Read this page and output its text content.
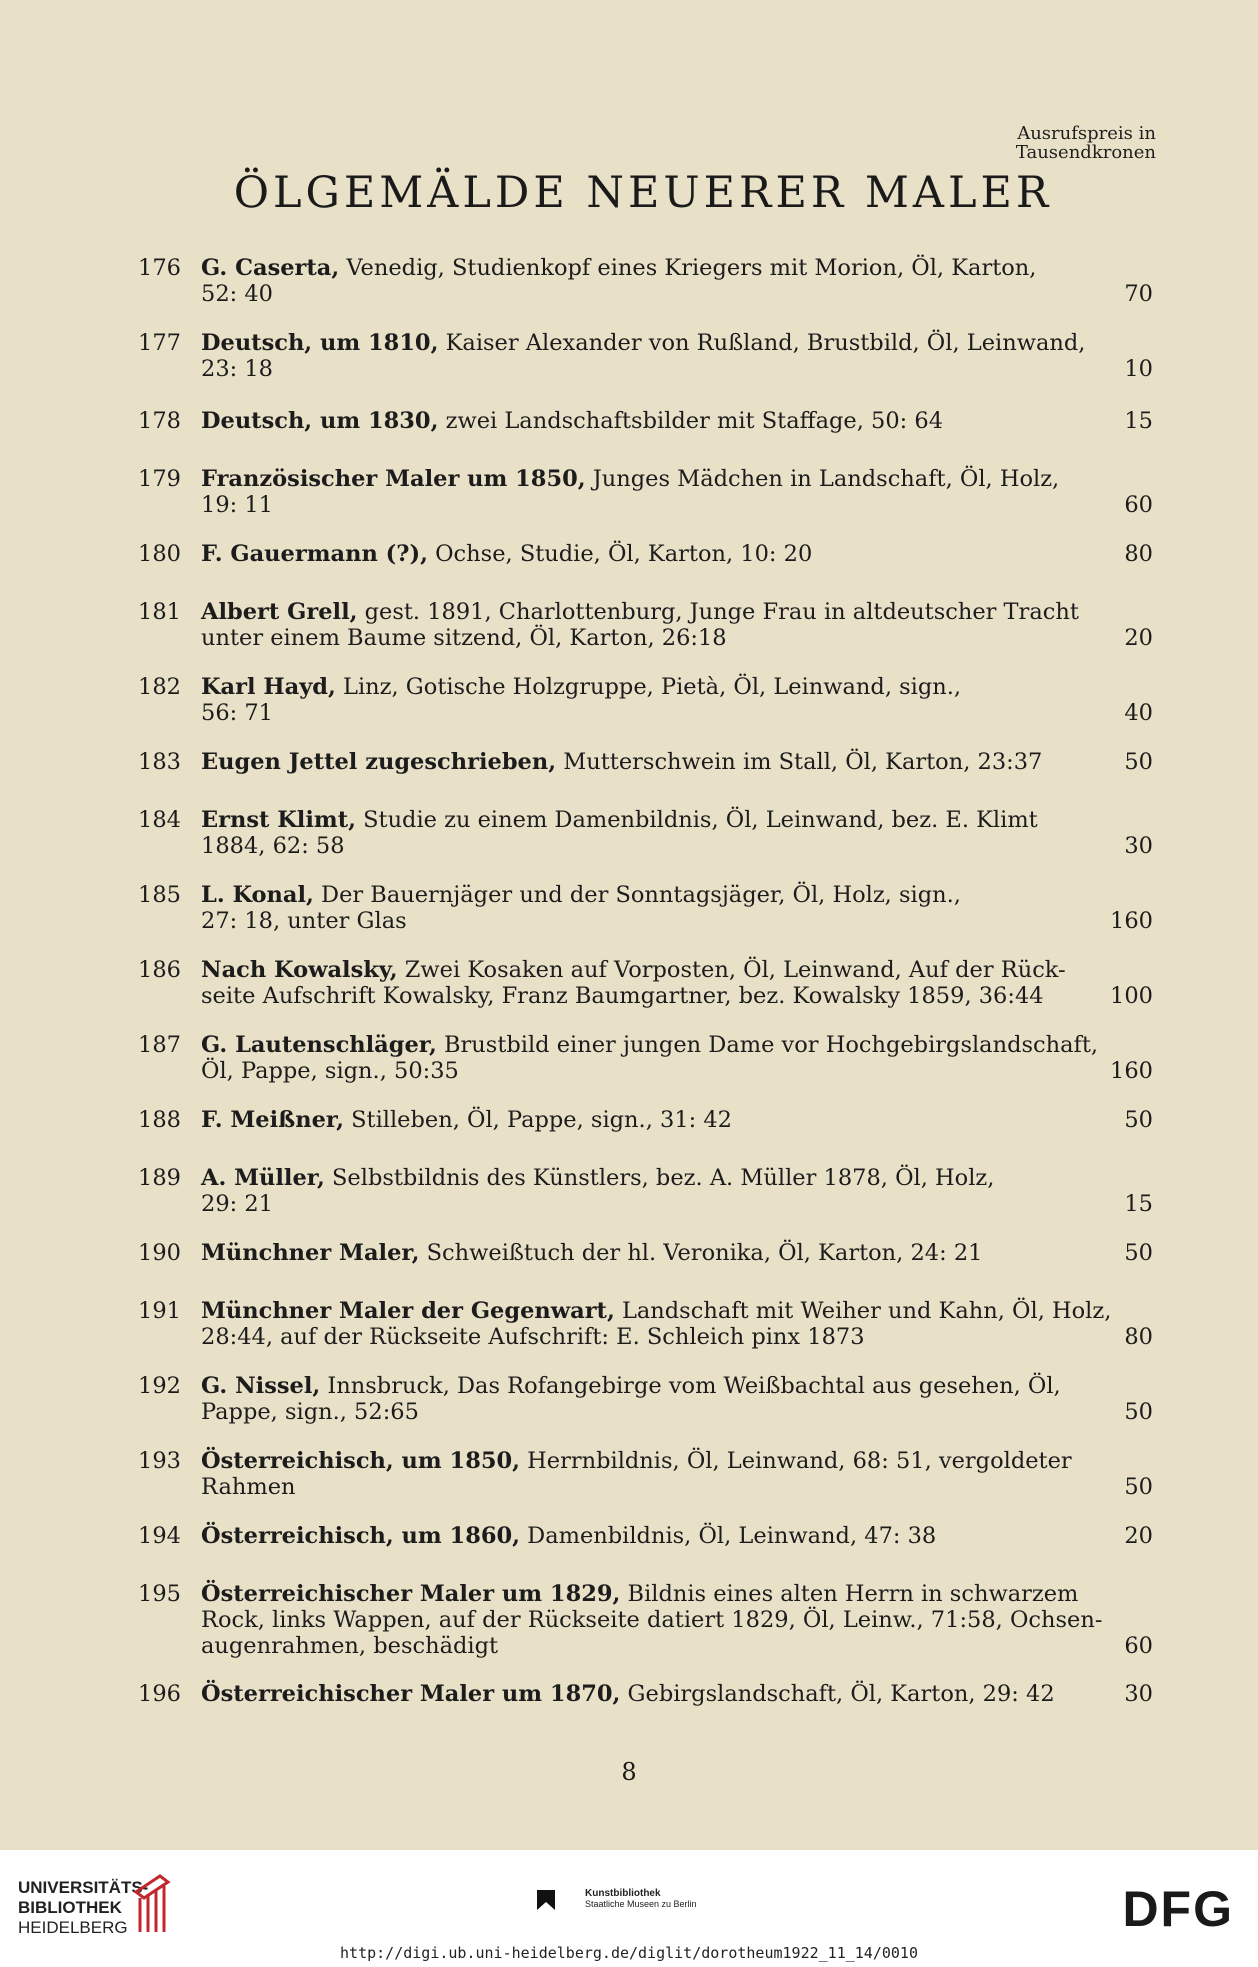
Ausrufspreis in
Tausendkronen
ÖLGEMÄLDE NEUERER MALER
176 G. Caserta, Venedig, Studienkopf eines Kriegers mit Morion, Öl, Karton,
52: 40	70
177 Deutsch, um 1810, Kaiser Alexander von Rußland, Brustbild, Öl, Leinwand,
23: 18	10
178 Deutsch, um 1830, zwei Landschaftsbilder mit Staffage, 50: 64	15
179 Französischer Maler um 1850, Junges Mädchen in Landschaft, Öl, Holz,
19: 11	60
180 F. Gauermann (?), Ochse, Studie, Öl, Karton, 10: 20	80
181 Albert Grell, gest. 1891, Charlottenburg, Junge Frau in altdeutscher Tracht
unter einem Baume sitzend, Öl, Karton, 26:18	20
182 Karl Hayd, Linz, Gotische Holzgruppe, Pietà, Öl, Leinwand, sign.,
56: 71	40
183 Eugen Jettel zugeschrieben, Mutterschwein im Stall, Öl, Karton, 23:37	50
184 Ernst Klimt, Studie zu einem Damenbildnis, Öl, Leinwand, bez. E. Klimt
1884, 62: 58	30
185 L. Konal, Der Bauernjäger und der Sonntagsjäger, Öl, Holz, sign.,
27: 18, unter Glas	160
186 Nach Kowalsky, Zwei Kosaken auf Vorposten, Öl, Leinwand, Auf der Rück-
seite Aufschrift Kowalsky, Franz Baumgartner, bez. Kowalsky 1859, 36:44	100
187 G. Lautenschläger, Brustbild einer jungen Dame vor Hochgebirgslandschaft,
Öl, Pappe, sign., 50:35	160
188 F. Meißner, Stilleben, Öl, Pappe, sign., 31: 42	50
189 A. Müller, Selbstbildnis des Künstlers, bez. A. Müller 1878, Öl, Holz,
29: 21	15
190 Münchner Maler, Schweißtuch der hl. Veronika, Öl, Karton, 24: 21	50
191 Münchner Maler der Gegenwart, Landschaft mit Weiher und Kahn, Öl, Holz,
28:44, auf der Rückseite Aufschrift: E. Schleich pinx 1873	80
192 G. Nissel, Innsbruck, Das Rofangebirge vom Weißbachtal aus gesehen, Öl,
Pappe, sign., 52:65	50
193 Österreichisch, um 1850, Herrnbildnis, Öl, Leinwand, 68: 51, vergoldeter
Rahmen	50
194 Österreichisch, um 1860, Damenbildnis, Öl, Leinwand, 47: 38	20
195 Österreichischer Maler um 1829, Bildnis eines alten Herrn in schwarzem
Rock, links Wappen, auf der Rückseite datiert 1829, Öl, Leinw., 71:58, Ochsen-
augenrahmen, beschädigt	60
196 Österreichischer Maler um 1870, Gebirgslandschaft, Öl, Karton, 29: 42	30
8
UNIVERSITÄTS-
BIBLIOTHEK
HEIDELBERG
Kunstbibliothek
Staatliche Museen zu Berlin	DFG
http://digi.ub.uni-heidelberg.de/diglit/dorotheum1922_11_14/0010
